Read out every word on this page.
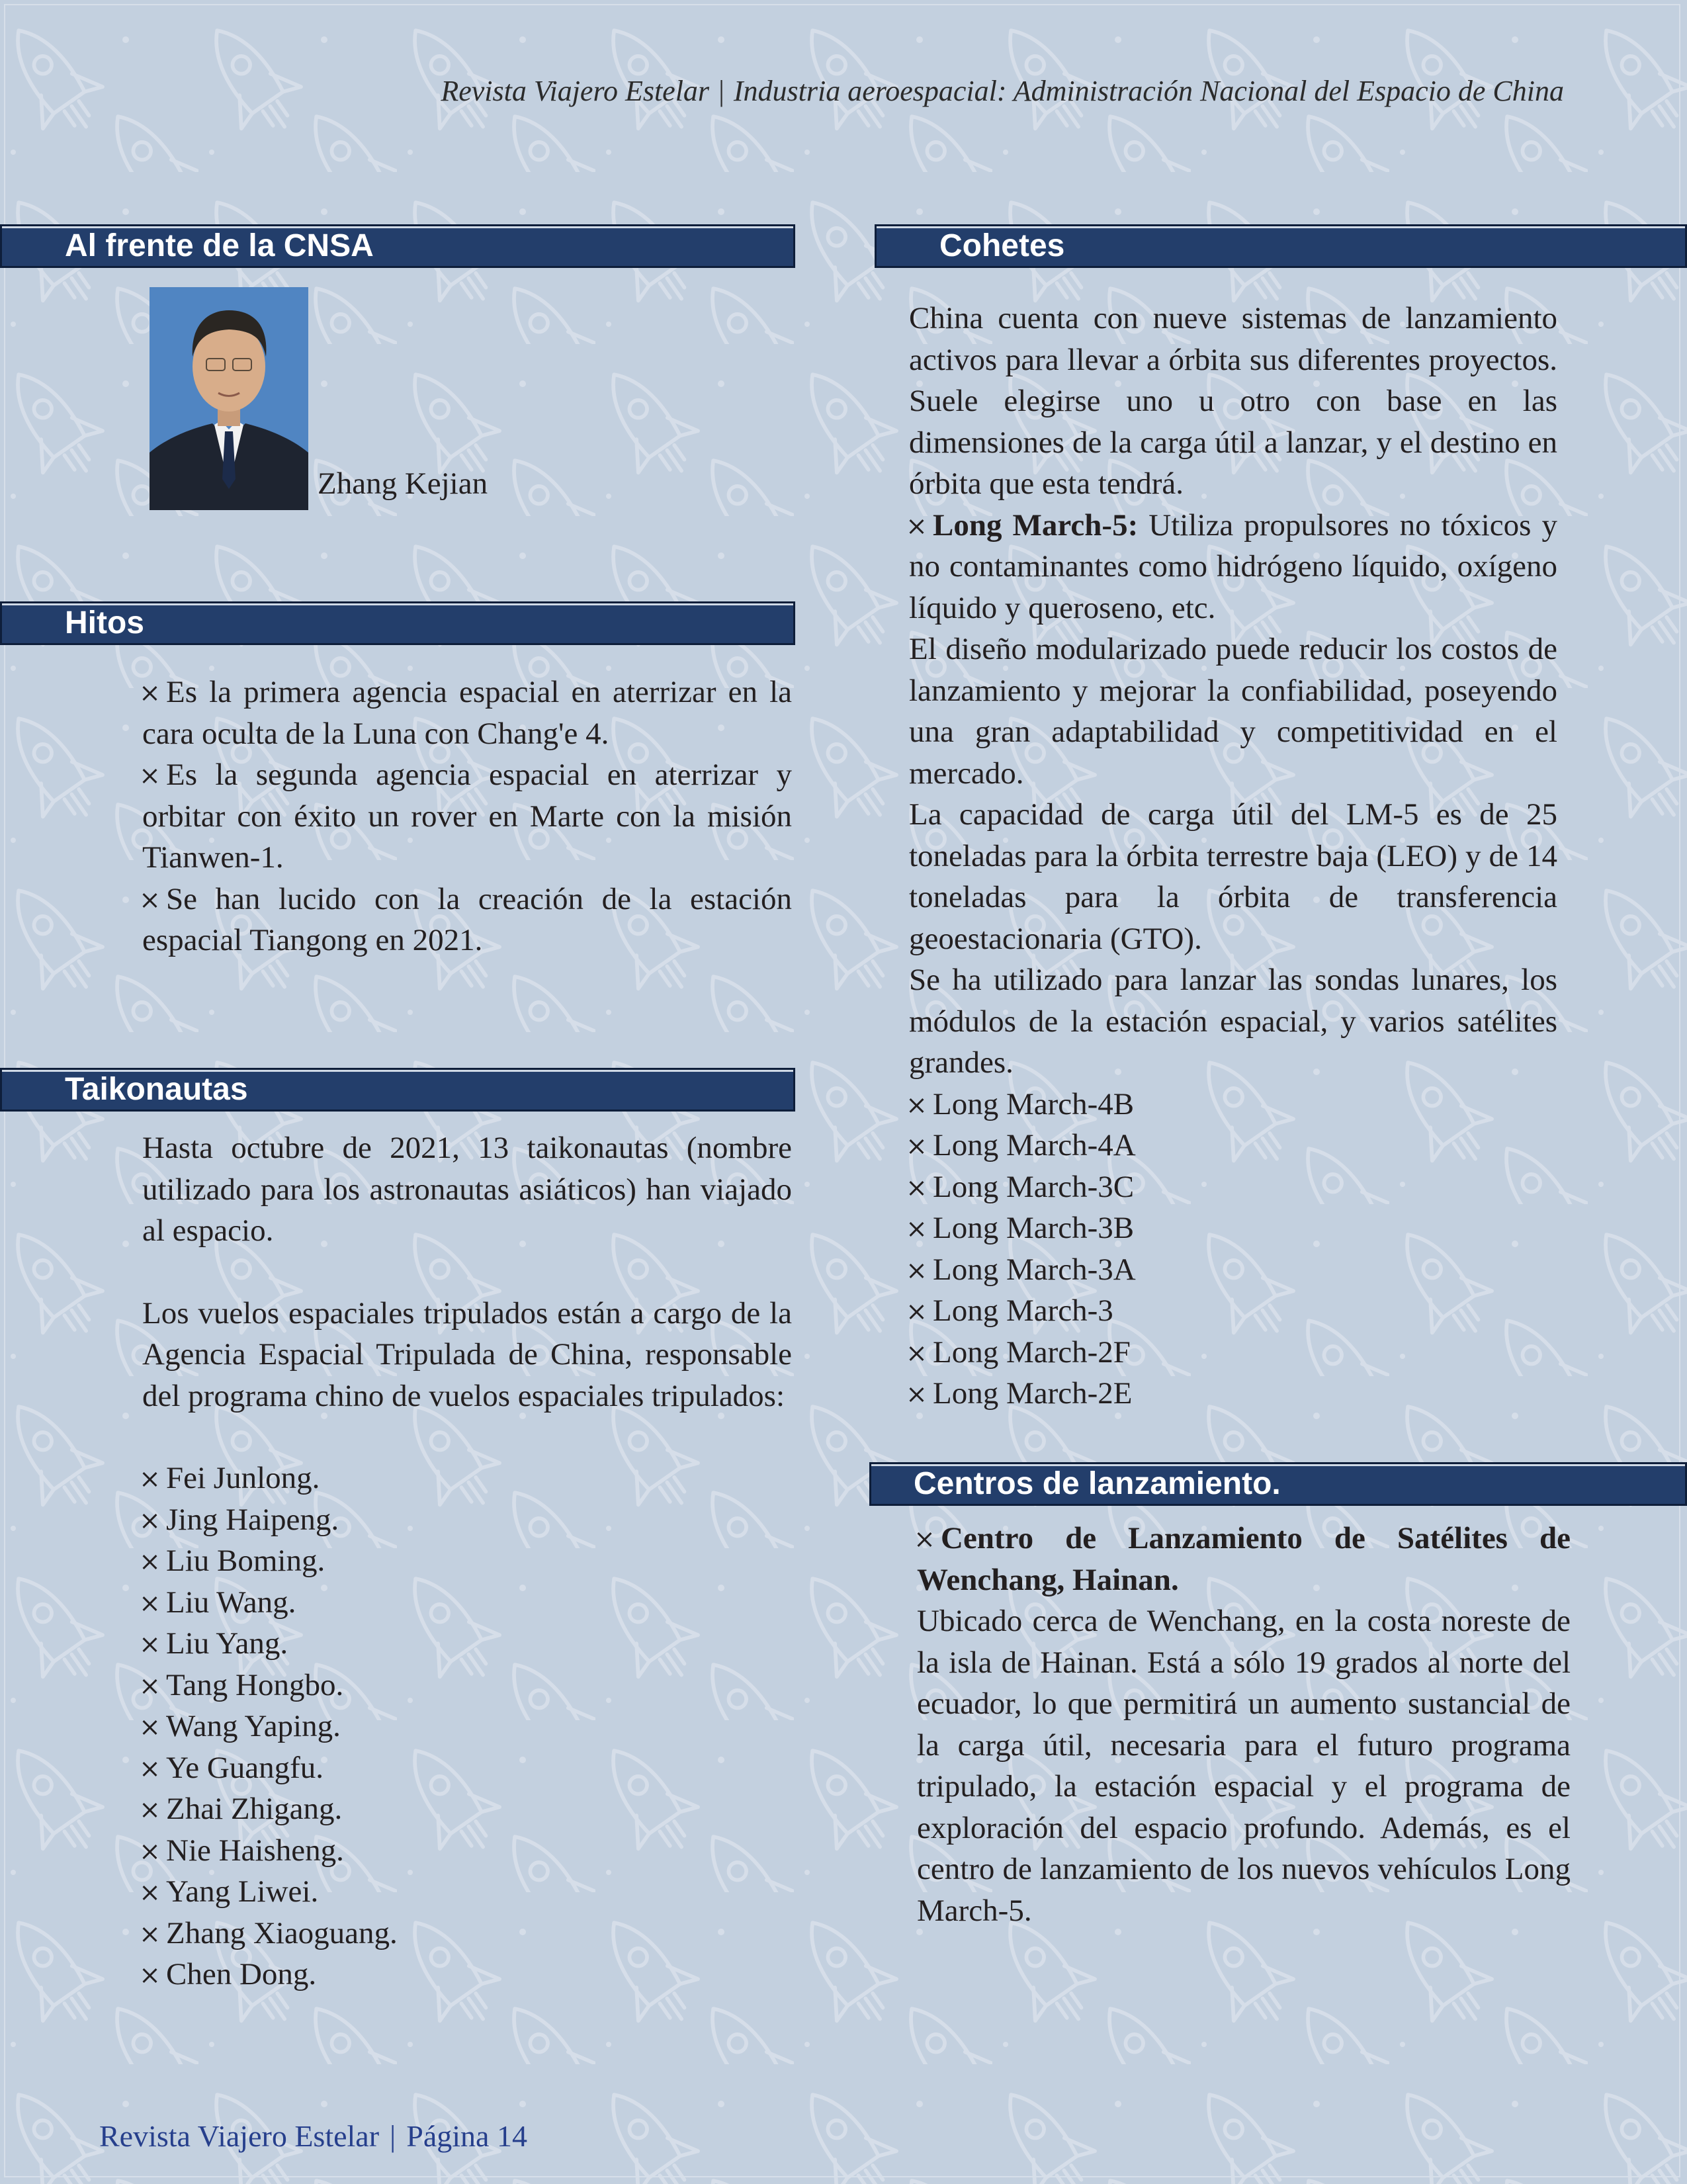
Revista Viajero Estelar | Industria aeroespacial: Administración Nacional del Espacio de China
Al frente de la CNSA
Zhang Kejian
Hitos

Es la primera agencia espacial en aterrizar en la cara oculta de la Luna con Chang'e 4.

Es la segunda agencia espacial en aterrizar y orbitar con éxito un rover en Marte con la misión Tianwen-1.

Se han lucido con la creación de la estación espacial Tiangong en 2021.

Taikonautas

Hasta octubre de 2021, 13 taikonautas (nombre utilizado para los astronautas asiáticos) han viajado al espacio.

Los vuelos espaciales tripulados están a cargo de la Agencia Espacial Tripulada de China, responsable del programa chino de vuelos espaciales tripulados:

Fei Junlong.
Jing Haipeng.
Liu Boming.
Liu Wang.
Liu Yang.
Tang Hongbo.
Wang Yaping.
Ye Guangfu.
Zhai Zhigang.
Nie Haisheng.
Yang Liwei.
Zhang Xiaoguang.
Chen Dong.
Cohetes

China cuenta con nueve sistemas de lanzamiento activos para llevar a órbita sus diferentes proyectos. Suele elegirse uno u otro con base en las dimensiones de la carga útil a lanzar, y el destino en órbita que esta tendrá.

Long March-5: Utiliza propulsores no tóxicos y no contaminantes como hidrógeno líquido, oxígeno líquido y queroseno, etc.

El diseño modularizado puede reducir los costos de lanzamiento y mejorar la confiabilidad, poseyendo una gran adaptabilidad y competitividad en el mercado.

La capacidad de carga útil del LM-5 es de 25 toneladas para la órbita terrestre baja (LEO) y de 14 toneladas para la órbita de transferencia geoestacionaria (GTO).

Se ha utilizado para lanzar las sondas lunares, los módulos de la estación espacial, y varios satélites grandes.

Long March-4B
Long March-4A
Long March-3C
Long March-3B
Long March-3A
Long March-3
Long March-2F
Long March-2E
Centros de lanzamiento.

Centro de Lanzamiento de Satélites de Wenchang, Hainan.

Ubicado cerca de Wenchang, en la costa noreste de la isla de Hainan. Está a sólo 19 grados al norte del ecuador, lo que permitirá un aumento sustancial de la carga útil, necesaria para el futuro programa tripulado, la estación espacial y el programa de exploración del espacio profundo. Además, es el centro de lanzamiento de los nuevos vehículos Long March-5.

Revista Viajero Estelar | Página 14
